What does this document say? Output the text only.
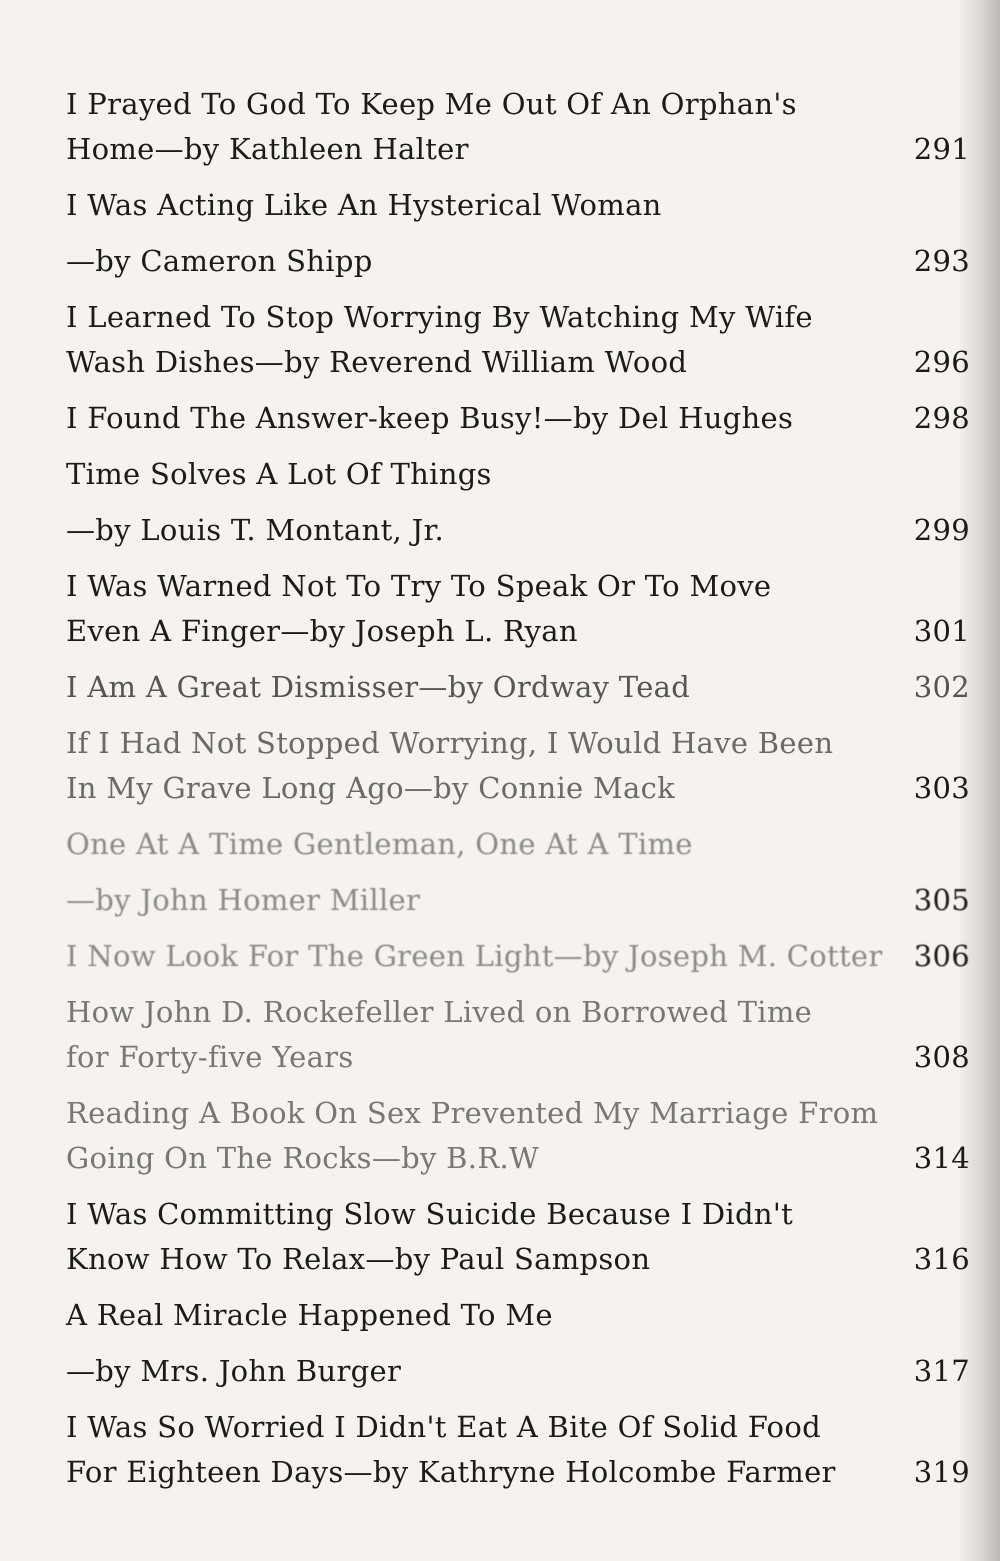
I Prayed To God To Keep Me Out Of An Orphan's
Home—by Kathleen Halter	291
I Was Acting Like An Hysterical Woman
—by Cameron Shipp	293
I Learned To Stop Worrying By Watching My Wife
Wash Dishes—by Reverend William Wood	296
I Found The Answer-keep Busy!—by Del Hughes	298
Time Solves A Lot Of Things
—by Louis T. Montant, Jr.	299
I Was Warned Not To Try To Speak Or To Move
Even A Finger—by Joseph L. Ryan	301
I Am A Great Dismisser—by Ordway Tead	302
If I Had Not Stopped Worrying, I Would Have Been
In My Grave Long Ago—by Connie Mack	303
One At A Time Gentleman, One At A Time
—by John Homer Miller	305
I Now Look For The Green Light—by Joseph M. Cotter	306
How John D. Rockefeller Lived on Borrowed Time
for Forty-five Years	308
Reading A Book On Sex Prevented My Marriage From
Going On The Rocks—by B.R.W	314
I Was Committing Slow Suicide Because I Didn't
Know How To Relax—by Paul Sampson	316
A Real Miracle Happened To Me
—by Mrs. John Burger	317
I Was So Worried I Didn't Eat A Bite Of Solid Food
For Eighteen Days—by Kathryne Holcombe Farmer	319
